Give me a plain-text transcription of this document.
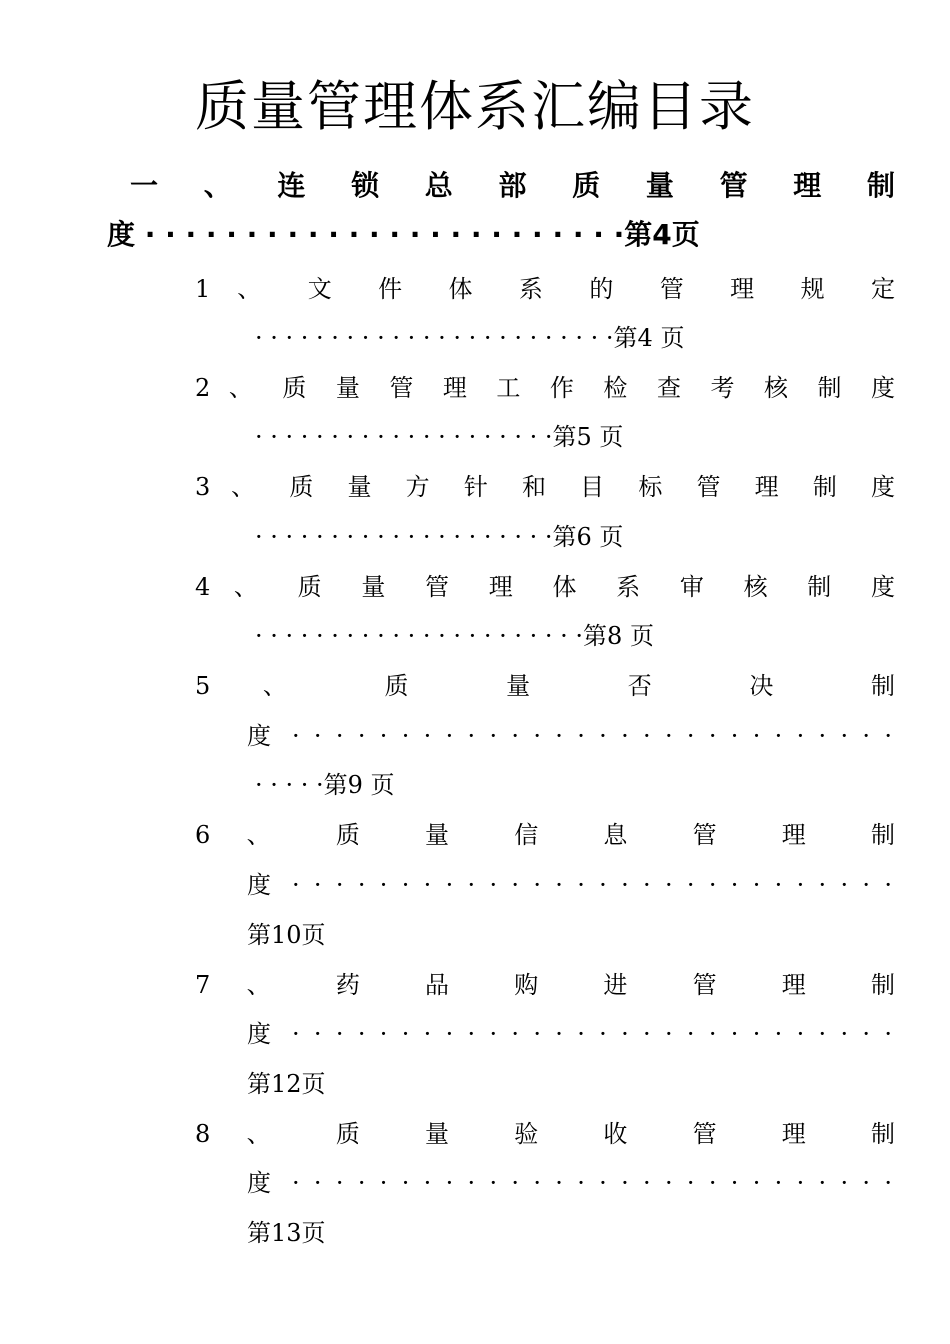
质量管理体系汇编目录
一 、 连 锁 总 部 质 量 管 理 制
度 · · · · · · · · · · · · · · · · · · · · · · · ·第4页
1 、 文 件 体 系 的 管 理 规 定
· · · · · · · · · · · · · · · · · · · · · · · ·第4 页
2 、 质 量 管 理 工 作 检 查 考 核 制 度
· · · · · · · · · · · · · · · · · · · ·第5 页
3 、 质 量 方 针 和 目 标 管 理 制 度
· · · · · · · · · · · · · · · · · · · ·第6 页
4 、 质 量 管 理 体 系 审 核 制 度
· · · · · · · · · · · · · · · · · · · · · ·第8 页
5 、 质 量 否 决 制
度 · · · · · · · · · · · · · · · · · · · · · · · · · · · ·
· · · · ·第9 页
6 、 质 量 信 息 管 理 制
度 · · · · · · · · · · · · · · · · · · · · · · · · · · · ·
第10页
7 、 药 品 购 进 管 理 制
度 · · · · · · · · · · · · · · · · · · · · · · · · · · · ·
第12页
8 、 质 量 验 收 管 理 制
度 · · · · · · · · · · · · · · · · · · · · · · · · · · · ·
第13页
